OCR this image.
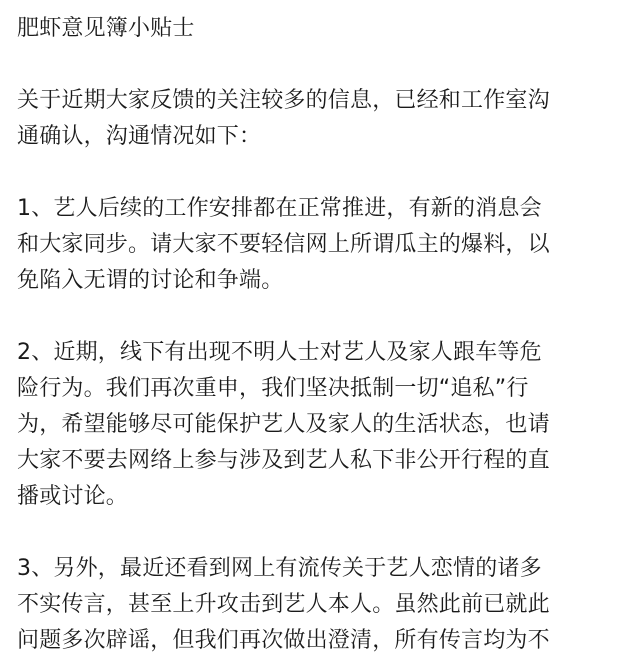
肥虾意见簿小贴士
关于近期大家反馈的关注较多的信息，已经和工作室沟
通确认，沟通情况如下：
1、艺人后续的工作安排都在正常推进，有新的消息会
和大家同步。请大家不要轻信网上所谓瓜主的爆料，以
免陷入无谓的讨论和争端。
2、近期，线下有出现不明人士对艺人及家人跟车等危
险行为。我们再次重申，我们坚决抵制一切“追私”行
为，希望能够尽可能保护艺人及家人的生活状态，也请
大家不要去网络上参与涉及到艺人私下非公开行程的直
播或讨论。
3、另外，最近还看到网上有流传关于艺人恋情的诸多
不实传言，甚至上升攻击到艺人本人。虽然此前已就此
问题多次辟谣，但我们再次做出澄清，所有传言均为不
